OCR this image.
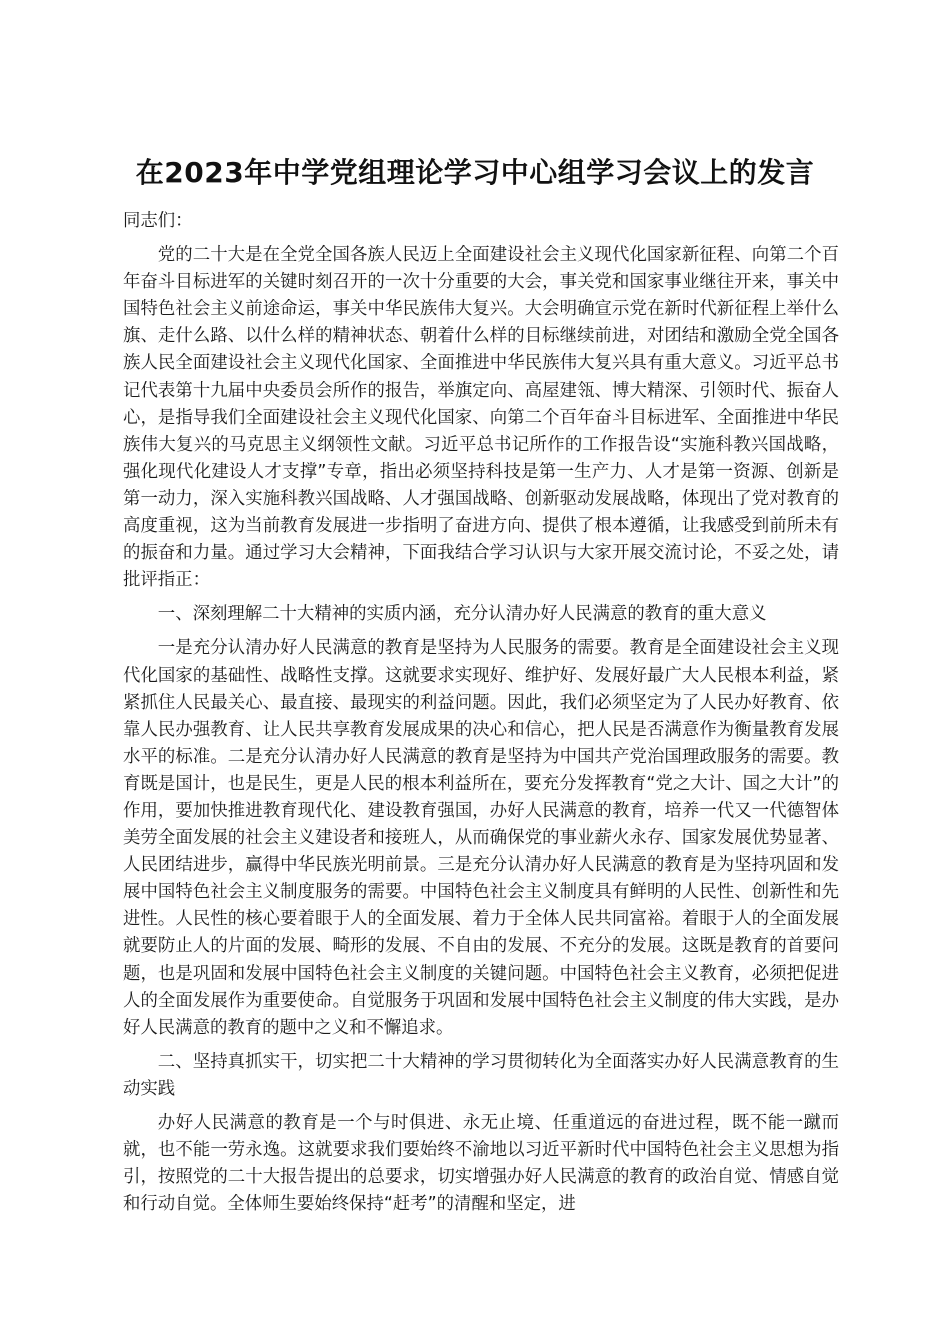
在2023年中学党组理论学习中心组学习会议上的发言

同志们：

党的二十大是在全党全国各族人民迈上全面建设社会主义现代化国家新征程、向第二个百年奋斗目标进军的关键时刻召开的一次十分重要的大会，事关党和国家事业继往开来，事关中国特色社会主义前途命运，事关中华民族伟大复兴。大会明确宣示党在新时代新征程上举什么旗、走什么路、以什么样的精神状态、朝着什么样的目标继续前进，对团结和激励全党全国各族人民全面建设社会主义现代化国家、全面推进中华民族伟大复兴具有重大意义。习近平总书记代表第十九届中央委员会所作的报告，举旗定向、高屋建瓴、博大精深、引领时代、振奋人心，是指导我们全面建设社会主义现代化国家、向第二个百年奋斗目标进军、全面推进中华民族伟大复兴的马克思主义纲领性文献。习近平总书记所作的工作报告设“实施科教兴国战略，强化现代化建设人才支撑”专章，指出必须坚持科技是第一生产力、人才是第一资源、创新是第一动力，深入实施科教兴国战略、人才强国战略、创新驱动发展战略，体现出了党对教育的高度重视，这为当前教育发展进一步指明了奋进方向、提供了根本遵循，让我感受到前所未有的振奋和力量。通过学习大会精神，下面我结合学习认识与大家开展交流讨论，不妥之处，请批评指正：

一、深刻理解二十大精神的实质内涵，充分认清办好人民满意的教育的重大意义

一是充分认清办好人民满意的教育是坚持为人民服务的需要。教育是全面建设社会主义现代化国家的基础性、战略性支撑。这就要求实现好、维护好、发展好最广大人民根本利益，紧紧抓住人民最关心、最直接、最现实的利益问题。因此，我们必须坚定为了人民办好教育、依靠人民办强教育、让人民共享教育发展成果的决心和信心，把人民是否满意作为衡量教育发展水平的标准。二是充分认清办好人民满意的教育是坚持为中国共产党治国理政服务的需要。教育既是国计，也是民生，更是人民的根本利益所在，要充分发挥教育“党之大计、国之大计”的作用，要加快推进教育现代化、建设教育强国，办好人民满意的教育，培养一代又一代德智体美劳全面发展的社会主义建设者和接班人，从而确保党的事业薪火永存、国家发展优势显著、人民团结进步，赢得中华民族光明前景。三是充分认清办好人民满意的教育是为坚持巩固和发展中国特色社会主义制度服务的需要。中国特色社会主义制度具有鲜明的人民性、创新性和先进性。人民性的核心要着眼于人的全面发展、着力于全体人民共同富裕。着眼于人的全面发展就要防止人的片面的发展、畸形的发展、不自由的发展、不充分的发展。这既是教育的首要问题，也是巩固和发展中国特色社会主义制度的关键问题。中国特色社会主义教育，必须把促进人的全面发展作为重要使命。自觉服务于巩固和发展中国特色社会主义制度的伟大实践，是办好人民满意的教育的题中之义和不懈追求。

二、坚持真抓实干，切实把二十大精神的学习贯彻转化为全面落实办好人民满意教育的生动实践

办好人民满意的教育是一个与时俱进、永无止境、任重道远的奋进过程，既不能一蹴而就，也不能一劳永逸。这就要求我们要始终不渝地以习近平新时代中国特色社会主义思想为指引，按照党的二十大报告提出的总要求，切实增强办好人民满意的教育的政治自觉、情感自觉和行动自觉。全体师生要始终保持“赶考”的清醒和坚定，进
